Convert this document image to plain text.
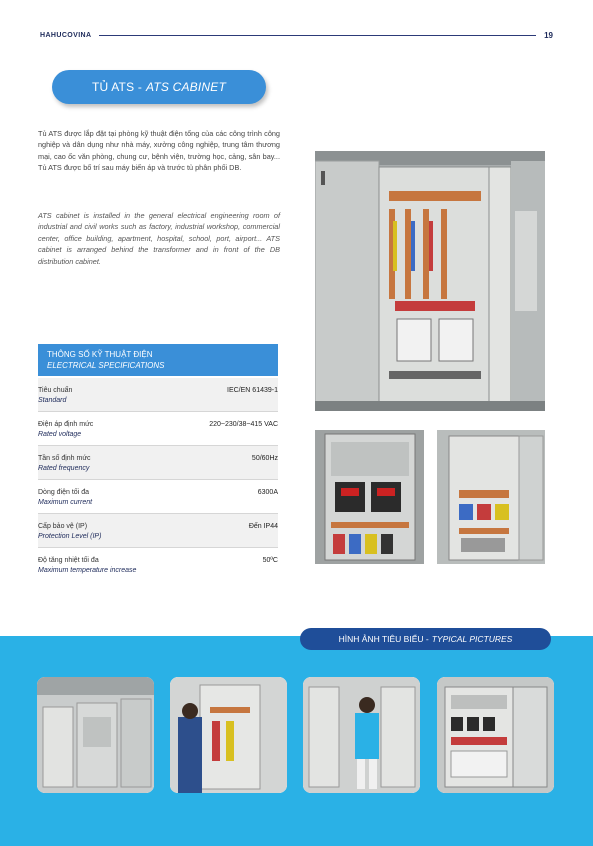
HAHUCOVINA	19
TỦ ATS - ATS CABINET

Tủ ATS được lắp đặt tại phòng kỹ thuật điện tổng của các công trình công nghiệp và dân dụng như nhà máy, xưởng công nghiệp, trung tâm thương mại, cao ốc văn phòng, chung cư, bệnh viện, trường học, cảng, sân bay... Tủ ATS được bố trí sau máy biến áp và trước tủ phân phối DB.

ATS cabinet is installed in the general electrical engineering room of industrial and civil works such as factory, industrial workshop, commercial center, office building, apartment, hospital, school, port, airport... ATS cabinet is arranged behind the transformer and in front of the DB distribution cabinet.

THÔNG SỐ KỸ THUẬT ĐIỆN
ELECTRICAL SPECIFICATIONS
Tiêu chuẩn
Standard
IEC/EN 61439-1
Điện áp định mức
Rated voltage
220~230/38~415 VAC
Tần số định mức
Rated frequency
50/60Hz
Dòng điện tối đa
Maximum current
6300A
Cấp bảo vệ (IP)
Protection Level (IP)
Đến IP44
Độ tăng nhiệt tối đa
Maximum temperature increase
50ºC
HÌNH ẢNH TIÊU BIỂU - TYPICAL PICTURES
